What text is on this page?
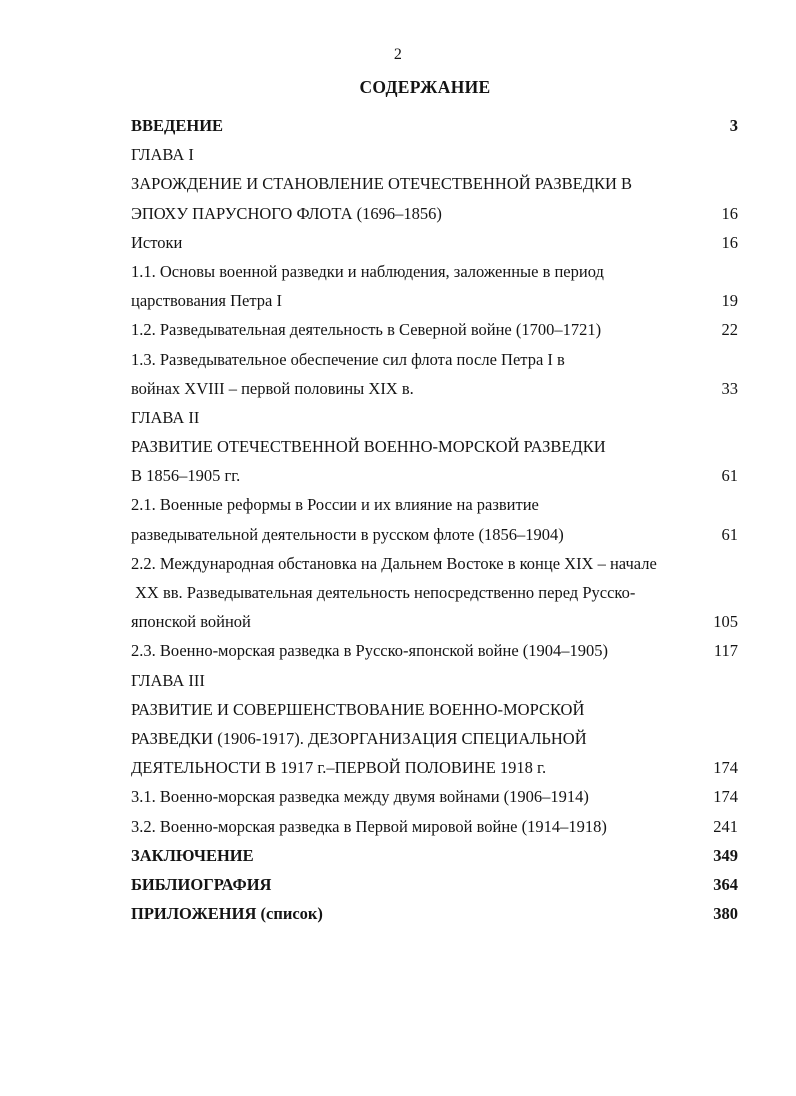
2
СОДЕРЖАНИЕ
ВВЕДЕНИЕ	3
ГЛАВА I
ЗАРОЖДЕНИЕ И СТАНОВЛЕНИЕ ОТЕЧЕСТВЕННОЙ РАЗВЕДКИ В
ЭПОХУ ПАРУСНОГО ФЛОТА (1696–1856)	16
Истоки	16
1.1. Основы военной разведки и наблюдения, заложенные в период
царствования Петра I	19
1.2. Разведывательная деятельность в Северной войне (1700–1721)	22
1.3. Разведывательное обеспечение сил флота после Петра I в
войнах XVIII – первой половины XIX в.	33
ГЛАВА II
РАЗВИТИЕ ОТЕЧЕСТВЕННОЙ ВОЕННО-МОРСКОЙ РАЗВЕДКИ
В 1856–1905 гг.	61
2.1. Военные реформы в России и их влияние на развитие
разведывательной деятельности в русском флоте (1856–1904)	61
2.2. Международная обстановка на Дальнем Востоке в конце XIX – начале
XX вв. Разведывательная деятельность непосредственно перед Русско-
японской войной	105
2.3. Военно-морская разведка в Русско-японской войне (1904–1905)	117
ГЛАВА III
РАЗВИТИЕ И СОВЕРШЕНСТВОВАНИЕ ВОЕННО-МОРСКОЙ
РАЗВЕДКИ (1906-1917). ДЕЗОРГАНИЗАЦИЯ СПЕЦИАЛЬНОЙ
ДЕЯТЕЛЬНОСТИ В 1917 г.–ПЕРВОЙ ПОЛОВИНЕ 1918 г.	174
3.1. Военно-морская разведка между двумя войнами (1906–1914)	174
3.2. Военно-морская разведка в Первой мировой войне (1914–1918)	241
ЗАКЛЮЧЕНИЕ	349
БИБЛИОГРАФИЯ	364
ПРИЛОЖЕНИЯ (список)	380
